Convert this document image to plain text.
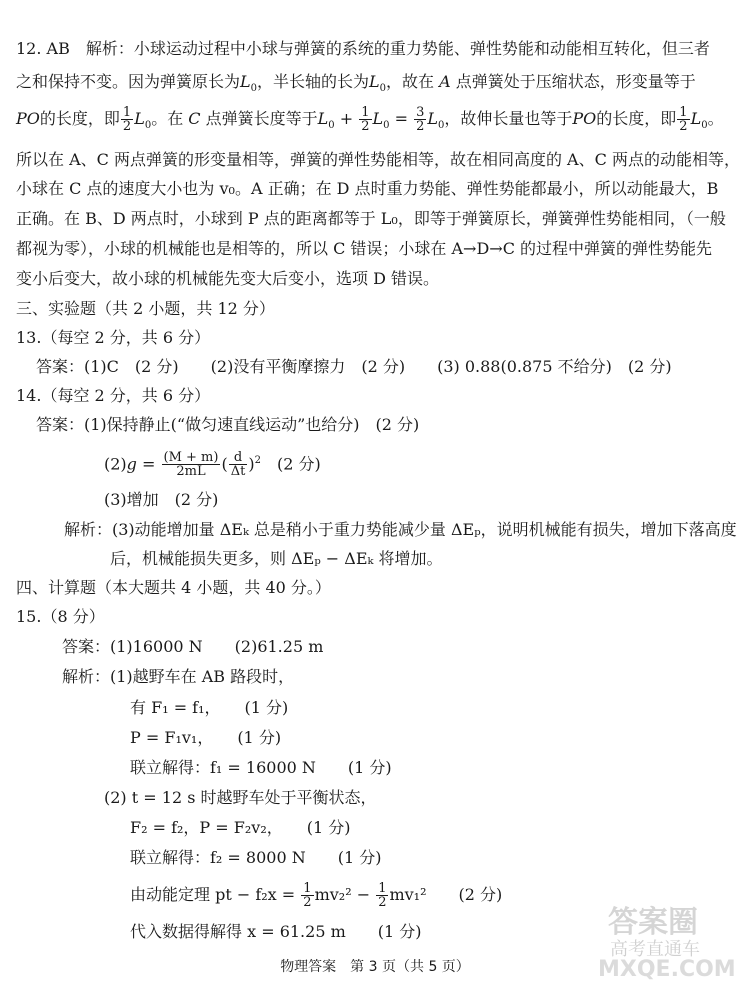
12. AB　解析：小球运动过程中小球与弹簧的系统的重力势能、弹性势能和动能相互转化，但三者
之和保持不变。因为弹簧原长为$L_0$，半长轴的长为$L_0$，故在 A 点弹簧处于压缩状态，形变量等于
PO的长度，即 $\frac{1}{2} L_0$。在 C 点弹簧长度等于$L_0 + \frac{1}{2} L_0 = \frac{3}{2} L_0$，故伸长量也等于PO的长度，即 $\frac{1}{2} L_0$。
所以在 A、C 两点弹簧的形变量相等，弹簧的弹性势能相等，故在相同高度的 A、C 两点的动能相等，
小球在 C 点的速度大小也为 v₀。A 正确；在 D 点时重力势能、弹性势能都最小，所以动能最大，B
正确。在 B、D 两点时，小球到 P 点的距离都等于 L₀，即等于弹簧原长，弹簧弹性势能相同，（一般
都视为零），小球的机械能也是相等的，所以 C 错误；小球在 A→D→C 的过程中弹簧的弹性势能先
变小后变大，故小球的机械能先变大后变小，选项 D 错误。
三、实验题（共 2 小题，共 12 分）
13.（每空 2 分，共 6 分）
答案：(1)C　(2 分)　　(2)没有平衡摩擦力　(2 分)　　(3) 0.88(0.875 不给分)　(2 分)
14.（每空 2 分，共 6 分）
答案：(1)保持静止(“做匀速直线运动”也给分)　(2 分)
$(2)g = \frac{(M + m)}{2mL}$ ( $\frac{d}{\Delta t} )^2$　 (2 分)
(3)增加　(2 分)
解析：(3)动能增加量 ΔEₖ 总是稍小于重力势能减少量 ΔEₚ，说明机械能有损失，增加下落高度
后，机械能损失更多，则 ΔEₚ − ΔEₖ 将增加。
四、计算题（本大题共 4 小题，共 40 分。）
15.（8 分）
答案：(1)16000 N　　(2)61.25 m
解析：(1)越野车在 AB 路段时，
有 F₁ = f₁，　　(1 分)
P = F₁v₁，　　(1 分)
联立解得：f₁ = 16000 N　　(1 分)
(2) t = 12 s 时越野车处于平衡状态，
F₂ = f₂，P = F₂v₂，　　(1 分)
联立解得：f₂ = 8000 N　　(1 分)
由动能定理 pt − $f_2x = \frac{1}{2} mv_2^2 - \frac{1}{2} mv_1^2$　　 (2 分)
代入数据得解得 x = 61.25 m　　(1 分)	答案圈
高考直通车
MXQE.COM
物理答案　第 3 页（共 5 页）
